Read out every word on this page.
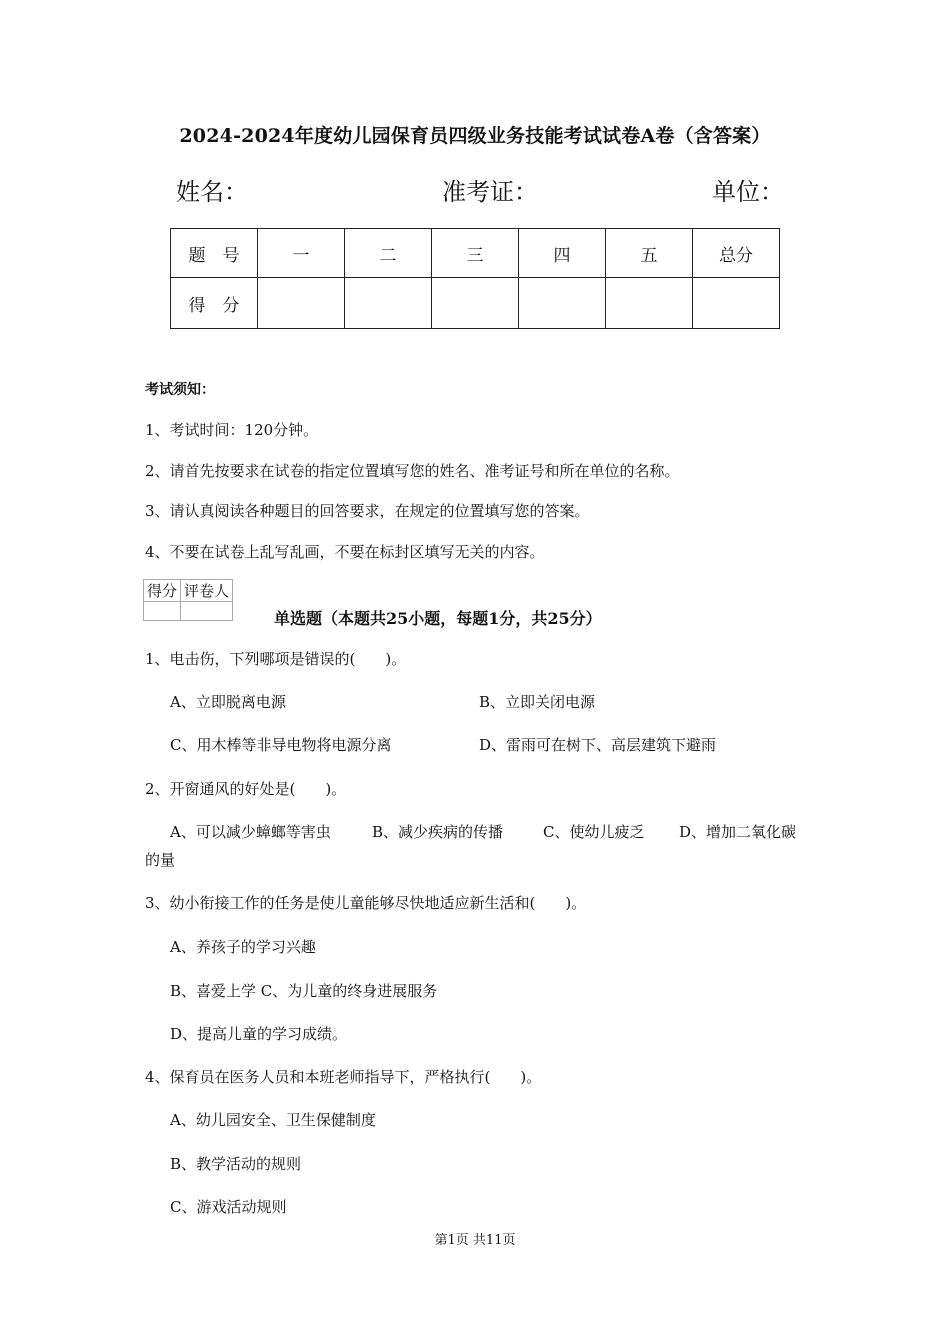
2024-2024年度幼儿园保育员四级业务技能考试试卷A卷（含答案）
姓名：	准考证：	单位：
题　号	一	二	三	四	五	总分
得　分						
考试须知：
1、考试时间：120分钟。
2、请首先按要求在试卷的指定位置填写您的姓名、准考证号和所在单位的名称。
3、请认真阅读各种题目的回答要求，在规定的位置填写您的答案。
4、不要在试卷上乱写乱画，不要在标封区填写无关的内容。
得分	评卷人

单选题（本题共25小题，每题1分，共25分）
1、电击伤，下列哪项是错误的(　　)。
A、立即脱离电源	B、立即关闭电源
C、用木棒等非导电物将电源分离	D、雷雨可在树下、高层建筑下避雨
2、开窗通风的好处是(　　)。
A、可以减少蟑螂等害虫	B、减少疾病的传播	C、使幼儿疲乏 D、增加二氧化碳
的量
3、幼小衔接工作的任务是使儿童能够尽快地适应新生活和(　　)。
A、养孩子的学习兴趣
B、喜爱上学 C、为儿童的终身进展服务
D、提高儿童的学习成绩。
4、保育员在医务人员和本班老师指导下，严格执行(　　)。
A、幼儿园安全、卫生保健制度
B、教学活动的规则
C、游戏活动规则
第1页 共11页
